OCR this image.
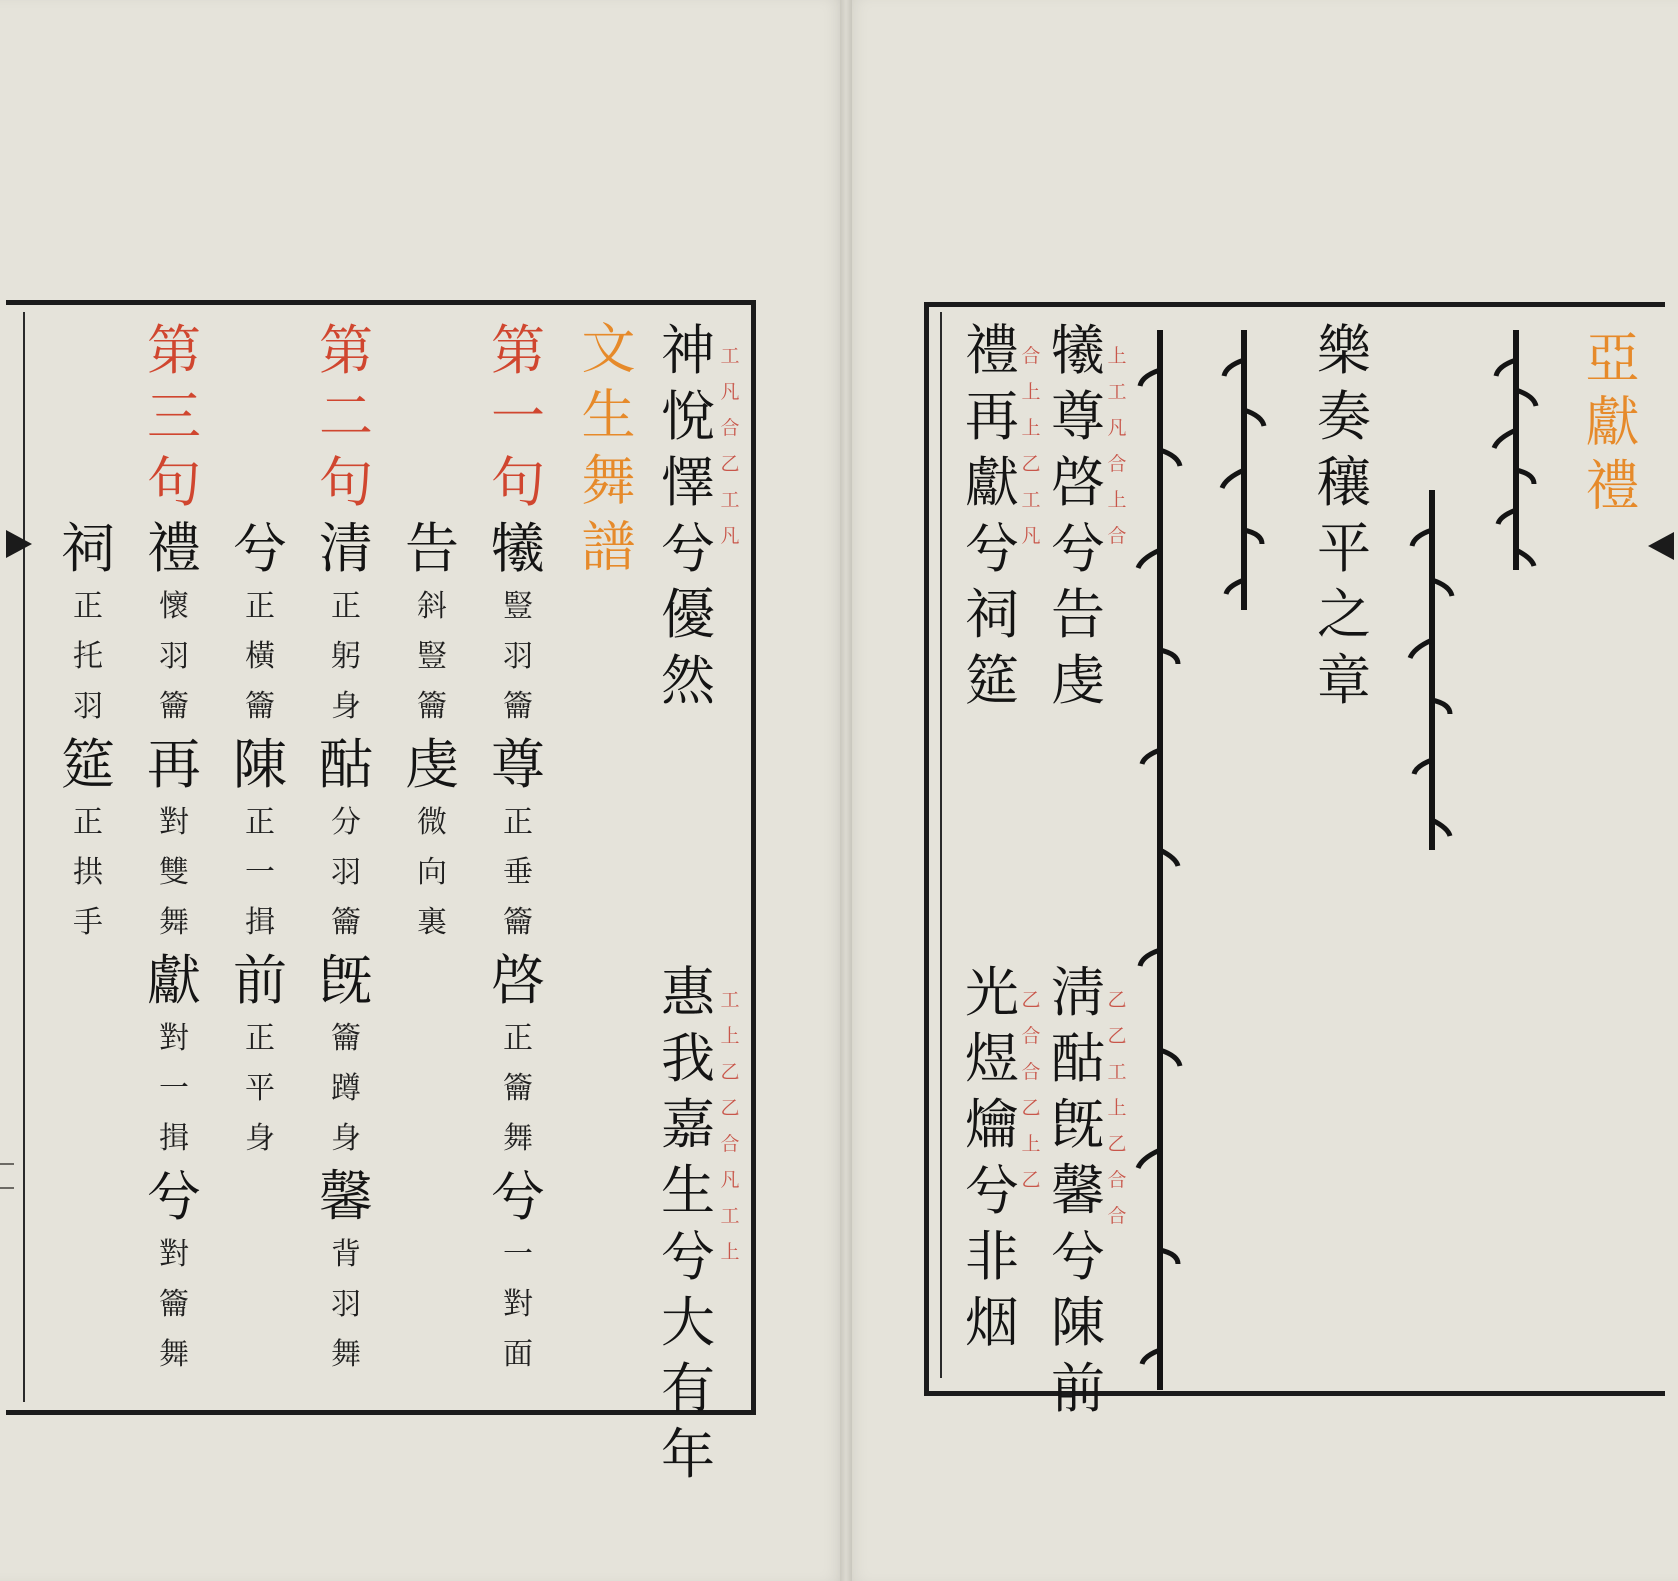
神
悅
懌
兮
優
然
工
凡
合
乙
工
凡
惠
我
嘉
生
兮
大
有
年
工
上
乙
乙
合
凡
工
上
文生舞譜
第
一
句
犧
豎
羽
籥
尊
正
垂
籥
啓
正
籥
舞
兮
一
對
面
告
斜
豎
籥
虔
微
向
裏
第
二
句
清
正
躬
身
酤
分
羽
籥
旣
籥
蹲
身
馨
背
羽
舞
兮
正
橫
籥
陳
正
一
揖
前
正
平
身
第
三
句
禮
懷
羽
籥
再
對
雙
舞
獻
對
一
揖
兮
對
籥
舞
祠
正
托
羽
筵
正
拱
手
亞獻禮
樂
奏
穰
平
之
章
犧
尊
啓
兮
告
虔
上
工
凡
合
上
合
禮
再
獻
兮
祠
筵
合
上
上
乙
工
凡
淸
酤
旣
馨
兮
陳
前
乙
乙
工
上
乙
合
合
光
煜
爚
兮
非
烟
乙
合
合
乙
上
乙
